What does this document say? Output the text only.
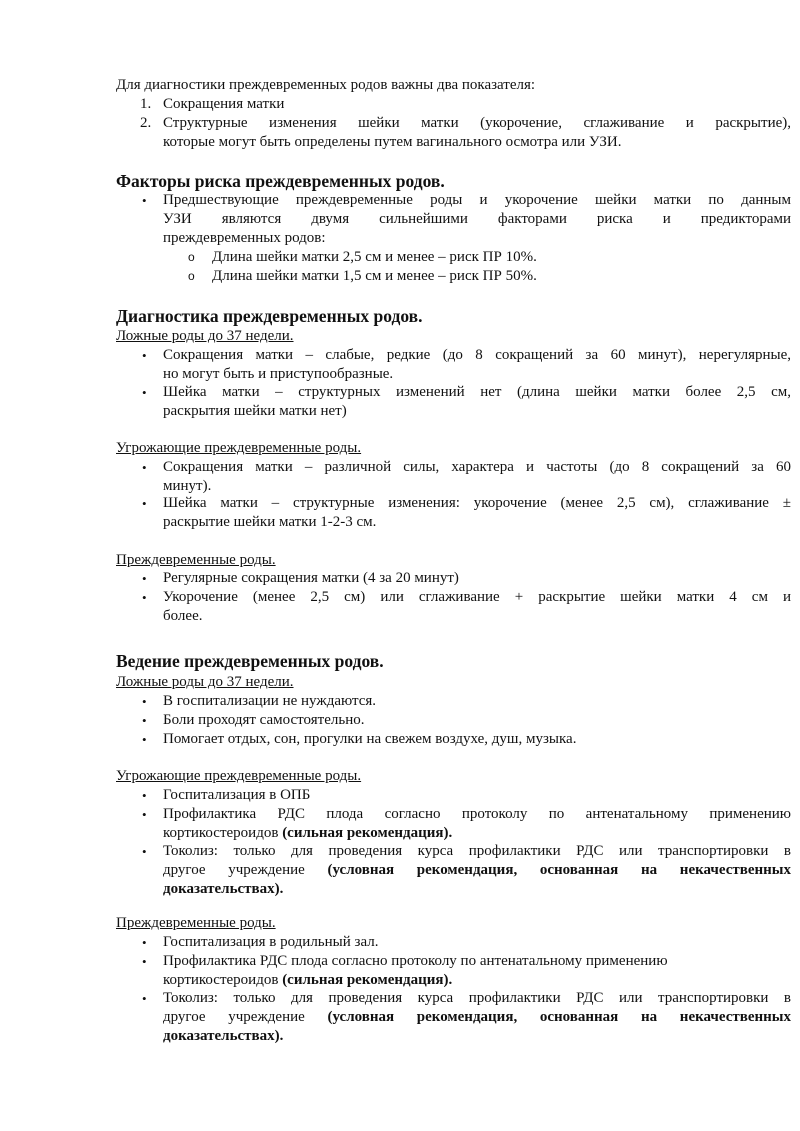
Для диагностики преждевременных родов важны два показателя:
1. Сокращения матки
2. Структурные изменения шейки матки (укорочение, сглаживание и раскрытие),
которые могут быть определены путем вагинального осмотра или УЗИ.
Факторы риска преждевременных родов.
• Предшествующие преждевременные роды и укорочение шейки матки по данным
УЗИ являются двумя сильнейшими факторами риска и предикторами
преждевременных родов:
o Длина шейки матки 2,5 см и менее – риск ПР 10%.
o Длина шейки матки 1,5 см и менее – риск ПР 50%.
Диагностика преждевременных родов.
Ложные роды до 37 недели.
• Сокращения матки – слабые, редкие (до 8 сокращений за 60 минут), нерегулярные,
но могут быть и приступообразные.
• Шейка матки – структурных изменений нет (длина шейки матки более 2,5 см,
раскрытия шейки матки нет)
Угрожающие преждевременные роды.
• Сокращения матки – различной силы, характера и частоты (до 8 сокращений за 60
минут).
• Шейка матки – структурные изменения: укорочение (менее 2,5 см), сглаживание ±
раскрытие шейки матки 1-2-3 см.
Преждевременные роды.
• Регулярные сокращения матки (4 за 20 минут)
• Укорочение (менее 2,5 см) или сглаживание + раскрытие шейки матки 4 см и
более.
Ведение преждевременных родов.
Ложные роды до 37 недели.
• В госпитализации не нуждаются.
• Боли проходят самостоятельно.
• Помогает отдых, сон, прогулки на свежем воздухе, душ, музыка.
Угрожающие преждевременные роды.
• Госпитализация в ОПБ
• Профилактика РДС плода согласно протоколу по антенатальному применению
кортикостероидов (сильная рекомендация).
• Токолиз: только для проведения курса профилактики РДС или транспортировки в
другое учреждение (условная рекомендация, основанная на некачественных
доказательствах).
Преждевременные роды.
• Госпитализация в родильный зал.
• Профилактика РДС плода согласно протоколу по антенатальному применению
кортикостероидов (сильная рекомендация).
• Токолиз: только для проведения курса профилактики РДС или транспортировки в
другое учреждение (условная рекомендация, основанная на некачественных
доказательствах).
